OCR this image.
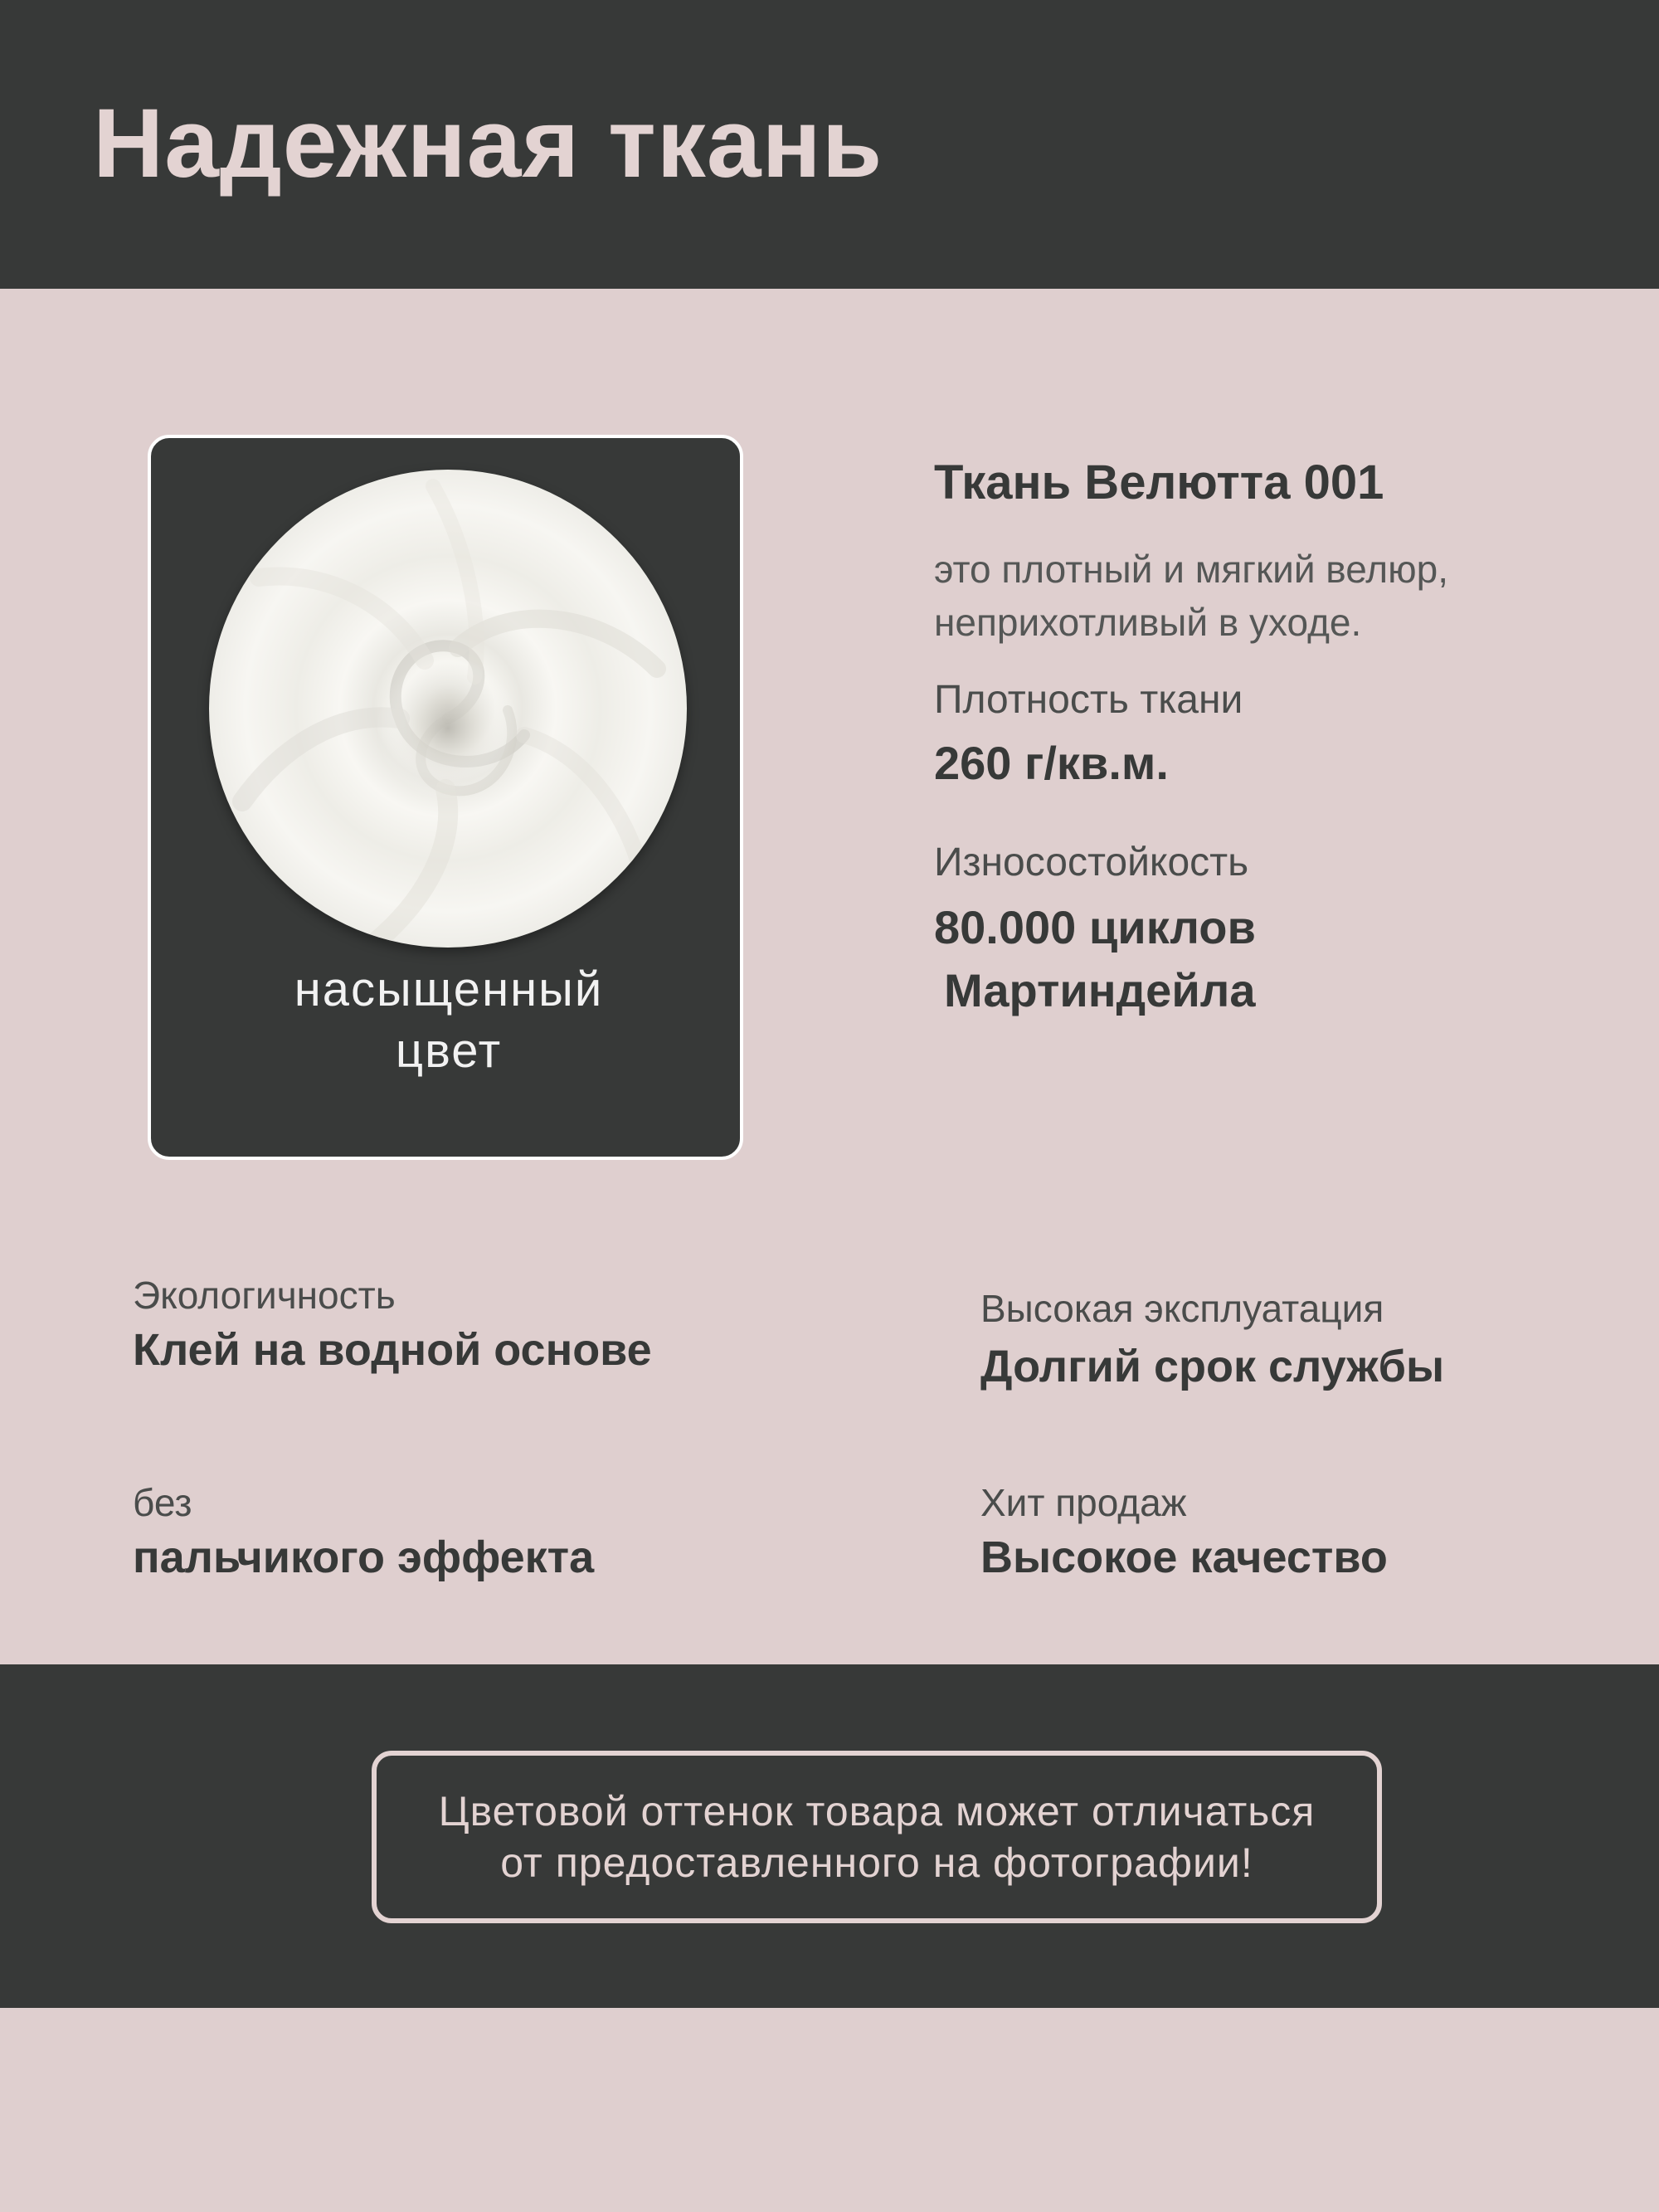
Надежная ткань
насыщенный
цвет
Ткань Велютта 001
это плотный и мягкий велюр,
неприхотливый в уходе.
Плотность ткани
260 г/кв.м.
Износостойкость
80.000 циклов
Мартиндейла
Экологичность
Клей на водной основе
Высокая эксплуатация
Долгий срок службы
без
пальчикого эффекта
Хит продаж
Высокое качество
Цветовой оттенок товара может отличаться
от предоставленного на фотографии!
